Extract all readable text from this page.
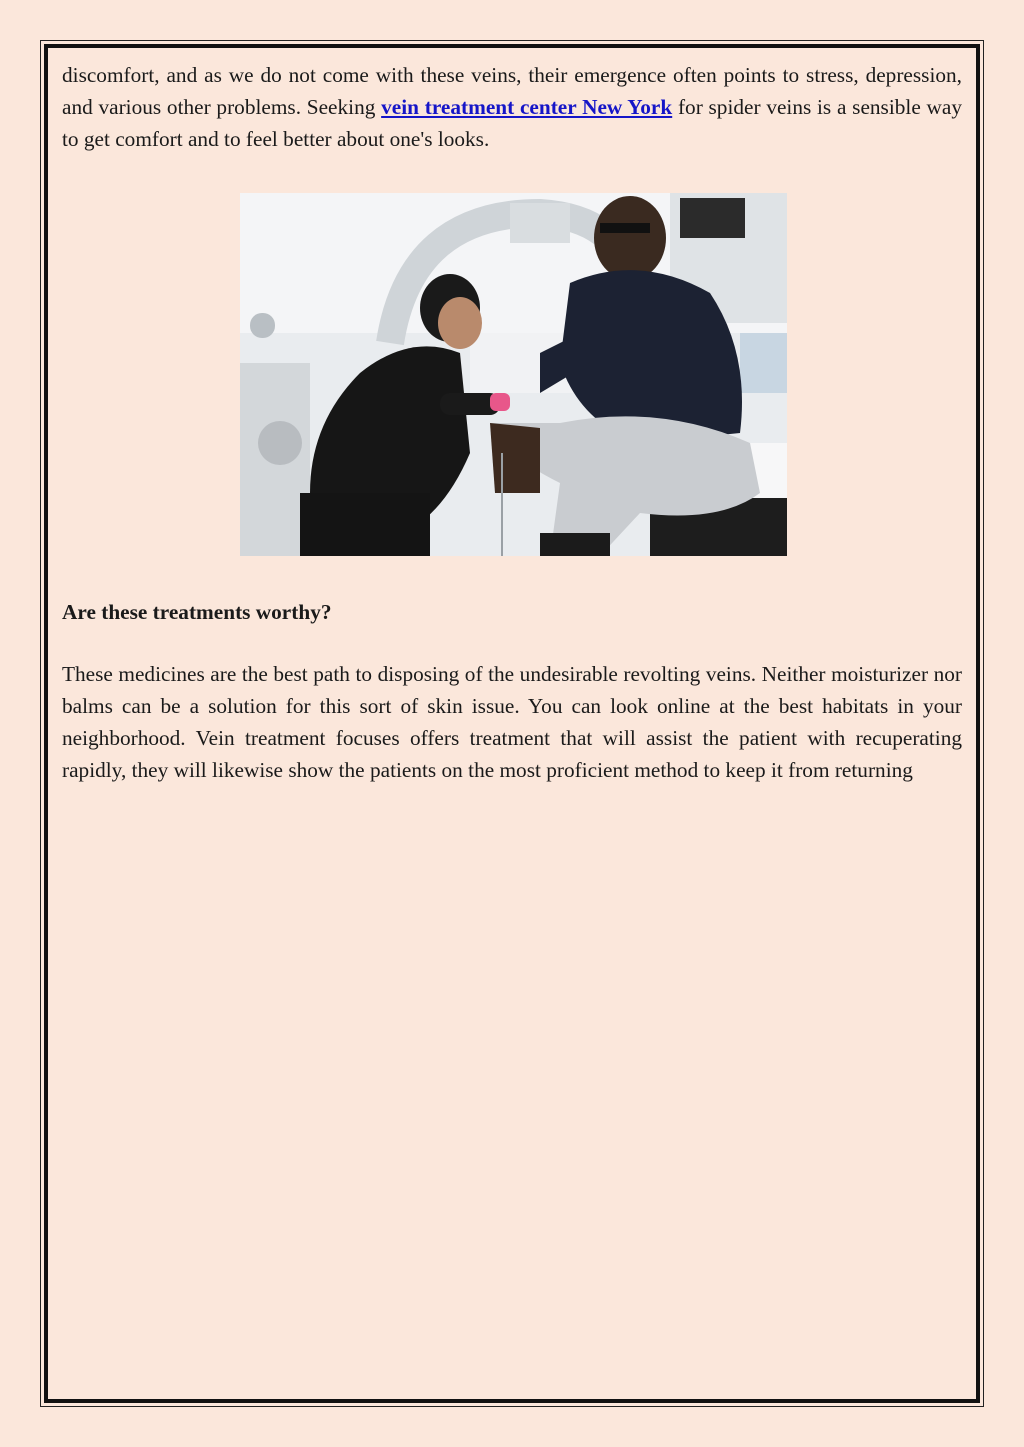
discomfort, and as we do not come with these veins, their emergence often points to stress, depression, and various other problems. Seeking vein treatment center New York for spider veins is a sensible way to get comfort and to feel better about one's looks.

Are these treatments worthy?

These medicines are the best path to disposing of the undesirable revolting veins. Neither moisturizer nor balms can be a solution for this sort of skin issue. You can look online at the best habitats in your neighborhood. Vein treatment focuses offers treatment that will assist the patient with recuperating rapidly, they will likewise show the patients on the most proficient method to keep it from returning
